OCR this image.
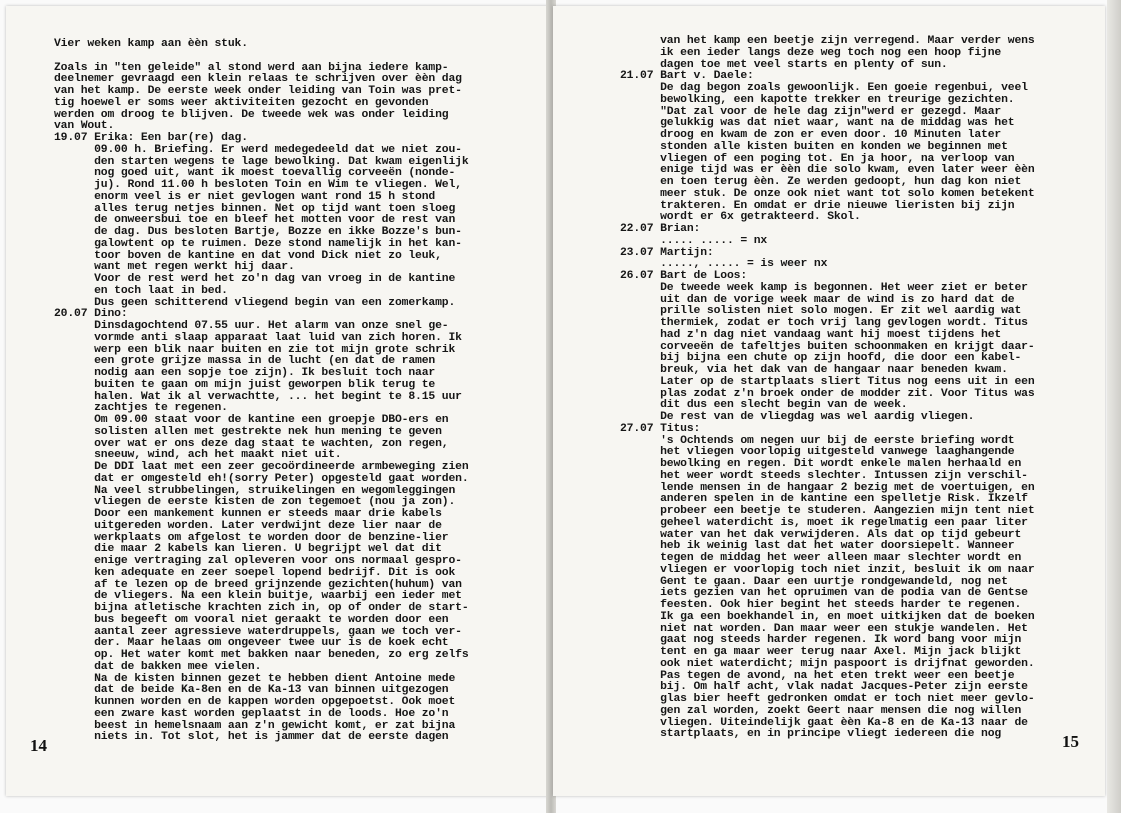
Vier weken kamp aan èèn stuk.
Zoals in "ten geleide" al stond werd aan bijna iedere kamp-
deelnemer gevraagd een klein relaas te schrijven over èèn dag
van het kamp. De eerste week onder leiding van Toin was pret-
tig hoewel er soms weer aktiviteiten gezocht en gevonden
werden om droog te blijven. De tweede wek was onder leiding
van Wout.
19.07 Erika: Een bar(re) dag.
09.00 h. Briefing. Er werd medegedeeld dat we niet zou-
den starten wegens te lage bewolking. Dat kwam eigenlijk
nog goed uit, want ik moest toevallig corveeën (nonde-
ju). Rond 11.00 h besloten Toin en Wim te vliegen. Wel,
enorm veel is er niet gevlogen want rond 15 h stond
alles terug netjes binnen. Net op tijd want toen sloeg
de onweersbui toe en bleef het motten voor de rest van
de dag. Dus besloten Bartje, Bozze en ikke Bozze's bun-
galowtent op te ruimen. Deze stond namelijk in het kan-
toor boven de kantine en dat vond Dick niet zo leuk,
want met regen werkt hij daar.
Voor de rest werd het zo'n dag van vroeg in de kantine
en toch laat in bed.
Dus geen schitterend vliegend begin van een zomerkamp.
20.07 Dino:
Dinsdagochtend 07.55 uur. Het alarm van onze snel ge-
vormde anti slaap apparaat laat luid van zich horen. Ik
werp een blik naar buiten en zie tot mijn grote schrik
een grote grijze massa in de lucht (en dat de ramen
nodig aan een sopje toe zijn). Ik besluit toch naar
buiten te gaan om mijn juist geworpen blik terug te
halen. Wat ik al verwachtte, ... het begint te 8.15 uur
zachtjes te regenen.
Om 09.00 staat voor de kantine een groepje DBO-ers en
solisten allen met gestrekte nek hun mening te geven
over wat er ons deze dag staat te wachten, zon regen,
sneeuw, wind, ach het maakt niet uit.
De DDI laat met een zeer gecoördineerde armbeweging zien
dat er omgesteld eh!(sorry Peter) opgesteld gaat worden.
Na veel strubbelingen, struikelingen en wegomleggingen
vliegen de eerste kisten de zon tegemoet (nou ja zon).
Door een mankement kunnen er steeds maar drie kabels
uitgereden worden. Later verdwijnt deze lier naar de
werkplaats om afgelost te worden door de benzine-lier
die maar 2 kabels kan lieren. U begrijpt wel dat dit
enige vertraging zal opleveren voor ons normaal gespro-
ken adequate en zeer soepel lopend bedrijf. Dit is ook
af te lezen op de breed grijnzende gezichten(huhum) van
de vliegers. Na een klein buitje, waarbij een ieder met
bijna atletische krachten zich in, op of onder de start-
bus begeeft om vooral niet geraakt te worden door een
aantal zeer agressieve waterdruppels, gaan we toch ver-
der. Maar helaas om ongeveer twee uur is de koek echt
op. Het water komt met bakken naar beneden, zo erg zelfs
dat de bakken mee vielen.
Na de kisten binnen gezet te hebben dient Antoine mede
dat de beide Ka-8en en de Ka-13 van binnen uitgezogen
kunnen worden en de kappen worden opgepoetst. Ook moet
een zware kast worden geplaatst in de loods. Hoe zo'n
beest in hemelsnaam aan z'n gewicht komt, er zat bijna
niets in. Tot slot, het is jammer dat de eerste dagen
14
van het kamp een beetje zijn verregend. Maar verder wens
ik een ieder langs deze weg toch nog een hoop fijne
dagen toe met veel starts en plenty of sun.
21.07 Bart v. Daele:
De dag begon zoals gewoonlijk. Een goeie regenbui, veel
bewolking, een kapotte trekker en treurige gezichten.
"Dat zal voor de hele dag zijn"werd er gezegd. Maar
gelukkig was dat niet waar, want na de middag was het
droog en kwam de zon er even door. 10 Minuten later
stonden alle kisten buiten en konden we beginnen met
vliegen of een poging tot. En ja hoor, na verloop van
enige tijd was er èèn die solo kwam, even later weer èèn
en toen terug èèn. Ze werden gedoopt, hun dag kon niet
meer stuk. De onze ook niet want tot solo komen betekent
trakteren. En omdat er drie nieuwe lieristen bij zijn
wordt er 6x getrakteerd. Skol.
22.07 Brian:
..... ..... = nx
23.07 Martijn:
....., ..... = is weer nx
26.07 Bart de Loos:
De tweede week kamp is begonnen. Het weer ziet er beter
uit dan de vorige week maar de wind is zo hard dat de
prille solisten niet solo mogen. Er zit wel aardig wat
thermiek, zodat er toch vrij lang gevlogen wordt. Titus
had z'n dag niet vandaag want hij moest tijdens het
corveeën de tafeltjes buiten schoonmaken en krijgt daar-
bij bijna een chute op zijn hoofd, die door een kabel-
breuk, via het dak van de hangaar naar beneden kwam.
Later op de startplaats sliert Titus nog eens uit in een
plas zodat z'n broek onder de modder zit. Voor Titus was
dit dus een slecht begin van de week.
De rest van de vliegdag was wel aardig vliegen.
27.07 Titus:
's Ochtends om negen uur bij de eerste briefing wordt
het vliegen voorlopig uitgesteld vanwege laaghangende
bewolking en regen. Dit wordt enkele malen herhaald en
het weer wordt steeds slechter. Intussen zijn verschil-
lende mensen in de hangaar 2 bezig met de voertuigen, en
anderen spelen in de kantine een spelletje Risk. Ikzelf
probeer een beetje te studeren. Aangezien mijn tent niet
geheel waterdicht is, moet ik regelmatig een paar liter
water van het dak verwijderen. Als dat op tijd gebeurt
heb ik weinig last dat het water doorsiepelt. Wanneer
tegen de middag het weer alleen maar slechter wordt en
vliegen er voorlopig toch niet inzit, besluit ik om naar
Gent te gaan. Daar een uurtje rondgewandeld, nog net
iets gezien van het opruimen van de podia van de Gentse
feesten. Ook hier begint het steeds harder te regenen.
Ik ga een boekhandel in, en moet uitkijken dat de boeken
niet nat worden. Dan maar weer een stukje wandelen. Het
gaat nog steeds harder regenen. Ik word bang voor mijn
tent en ga maar weer terug naar Axel. Mijn jack blijkt
ook niet waterdicht; mijn paspoort is drijfnat geworden.
Pas tegen de avond, na het eten trekt weer een beetje
bij. Om half acht, vlak nadat Jacques-Peter zijn eerste
glas bier heeft gedronken omdat er toch niet meer gevlo-
gen zal worden, zoekt Geert naar mensen die nog willen
vliegen. Uiteindelijk gaat èèn Ka-8 en de Ka-13 naar de
startplaats, en in principe vliegt iedereen die nog	15
